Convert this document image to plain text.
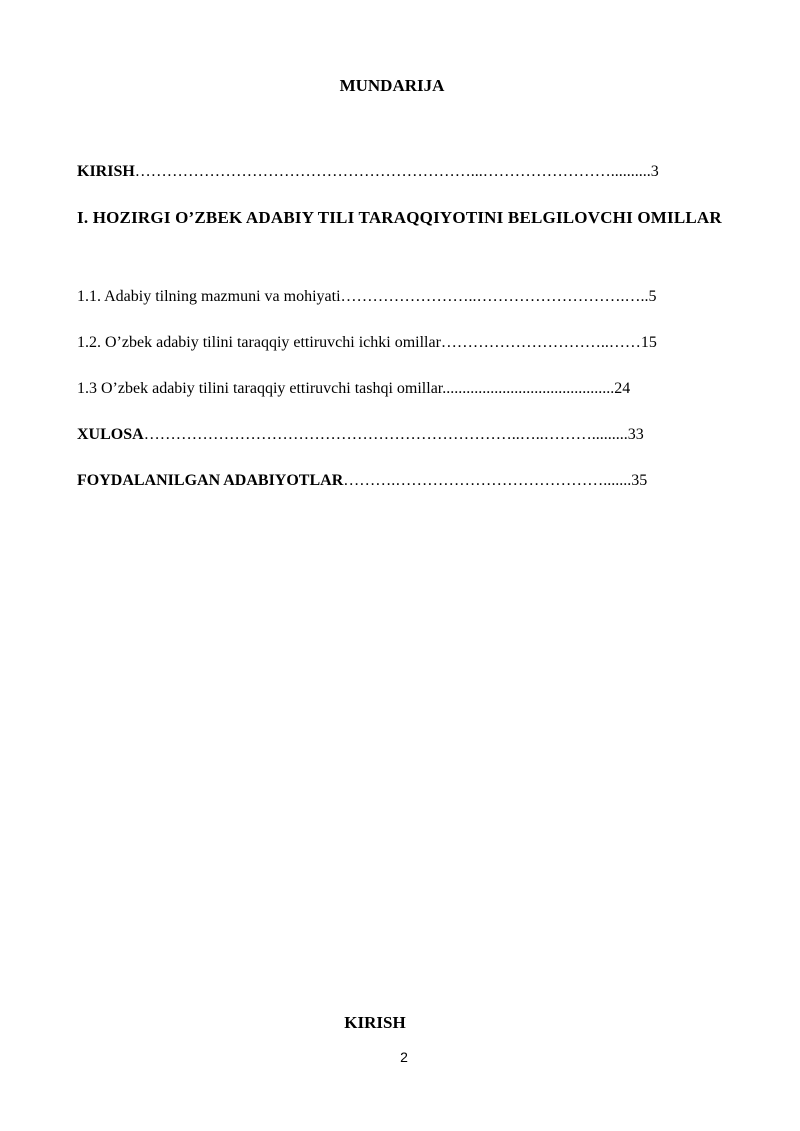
MUNDARIJA
KIRISH………………………………………………………...……………………..........3
I. HOZIRGI O’ZBEK ADABIY TILI TARAQQIYOTINI BELGILOVCHI OMILLAR
1.1. Adabiy tilning mazmuni va mohiyati……………………..……………………….…..5
1.2. O’zbek adabiy tilini taraqqiy ettiruvchi ichki omillar…………………………..……15
1.3 O’zbek adabiy tilini taraqqiy ettiruvchi tashqi omillar...........................................24
XULOSA……………………………………………………………..…..……….........33
FOYDALANILGAN ADABIYOTLAR……….………………………………….......35
KIRISH
2
